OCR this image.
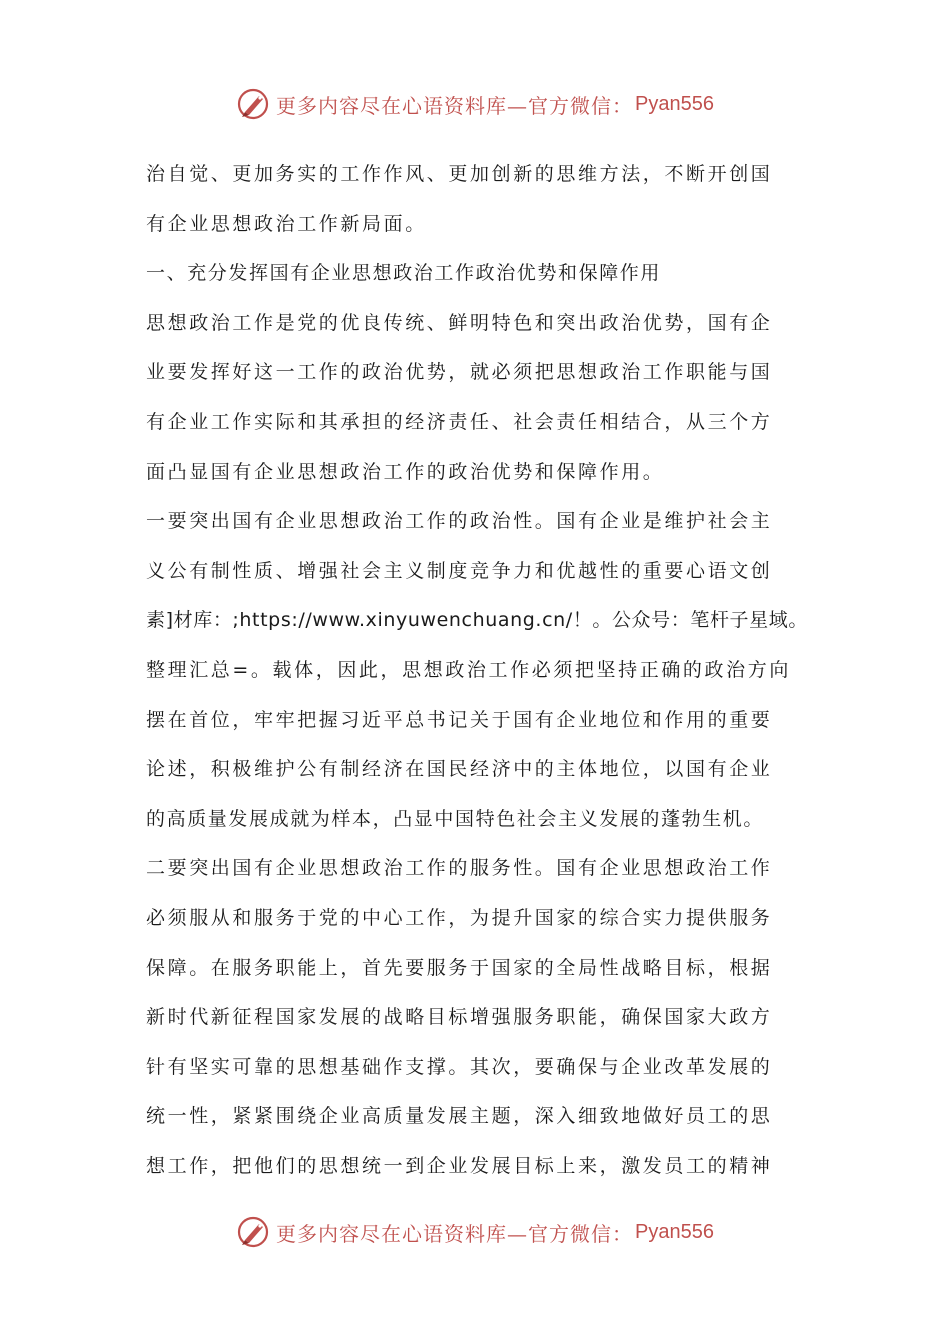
更多内容尽在心语资料库—官方微信： Pyan556
治自觉、更加务实的工作作风、更加创新的思维方法，不断开创国
有企业思想政治工作新局面。
一、充分发挥国有企业思想政治工作政治优势和保障作用
思想政治工作是党的优良传统、鲜明特色和突出政治优势，国有企
业要发挥好这一工作的政治优势，就必须把思想政治工作职能与国
有企业工作实际和其承担的经济责任、社会责任相结合，从三个方
面凸显国有企业思想政治工作的政治优势和保障作用。
一要突出国有企业思想政治工作的政治性。国有企业是维护社会主
义公有制性质、增强社会主义制度竞争力和优越性的重要心语文创
素]材库：;https://www.xinyuwenchuang.cn/！。公众号：笔杆子星域。
整理汇总=。载体，因此，思想政治工作必须把坚持正确的政治方向
摆在首位，牢牢把握习近平总书记关于国有企业地位和作用的重要
论述，积极维护公有制经济在国民经济中的主体地位，以国有企业
的高质量发展成就为样本，凸显中国特色社会主义发展的蓬勃生机。
二要突出国有企业思想政治工作的服务性。国有企业思想政治工作
必须服从和服务于党的中心工作，为提升国家的综合实力提供服务
保障。在服务职能上，首先要服务于国家的全局性战略目标，根据
新时代新征程国家发展的战略目标增强服务职能，确保国家大政方
针有坚实可靠的思想基础作支撑。其次，要确保与企业改革发展的
统一性，紧紧围绕企业高质量发展主题，深入细致地做好员工的思
想工作，把他们的思想统一到企业发展目标上来，激发员工的精神
更多内容尽在心语资料库—官方微信： Pyan556
